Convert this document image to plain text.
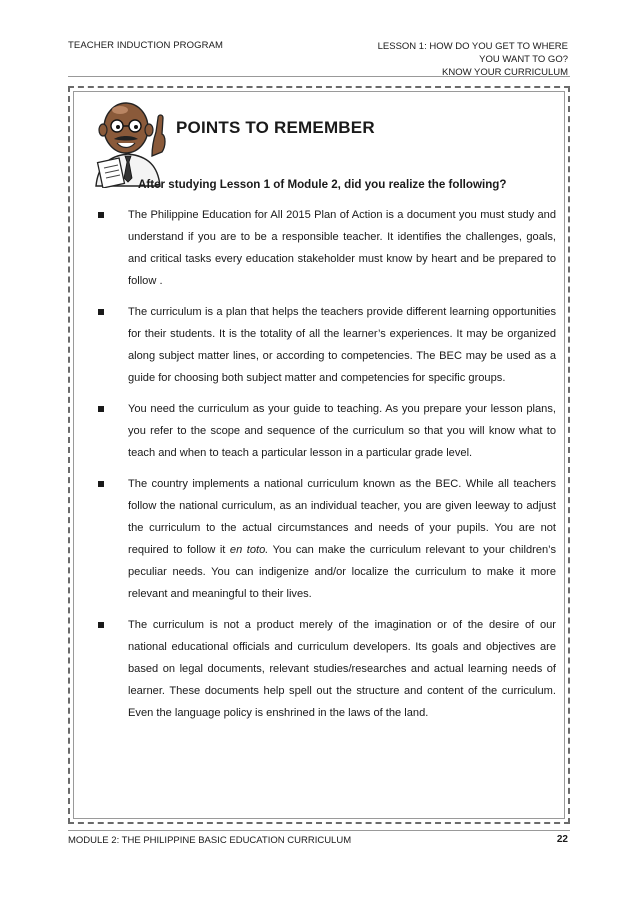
TEACHER INDUCTION PROGRAM	LESSON 1: HOW DO YOU GET TO WHERE
YOU WANT TO GO?
KNOW YOUR CURRICULUM
POINTS TO REMEMBER
After studying Lesson 1 of Module 2, did you realize the following?
The Philippine Education for All 2015 Plan of Action is a document you must study and understand if you are to be a responsible teacher. It identifies the challenges, goals, and critical tasks every education stakeholder must know by heart and be prepared to follow .
The curriculum is a plan that helps the teachers provide different learning opportunities for their students. It is the totality of all the learner’s experiences. It may be organized along subject matter lines, or according to competencies. The BEC may be used as a guide for choosing both subject matter and competencies for specific groups.
You need the curriculum as your guide to teaching. As you prepare your lesson plans, you refer to the scope and sequence of the curriculum so that you will know what to teach and when to teach a particular lesson in a particular grade level.
The country implements a national curriculum known as the BEC. While all teachers follow the national curriculum, as an individual teacher, you are given leeway to adjust the curriculum to the actual circumstances and needs of your pupils. You are not required to follow it en toto. You can make the curriculum relevant to your children’s peculiar needs. You can indigenize and/or localize the curriculum to make it more relevant and meaningful to their lives.
The curriculum is not a product merely of the imagination or of the desire of our national educational officials and curriculum developers. Its goals and objectives are based on legal documents, relevant studies/researches and actual learning needs of learner. These documents help spell out the structure and content of the curriculum. Even the language policy is enshrined in the laws of the land.
MODULE 2: THE PHILIPPINE BASIC EDUCATION CURRICULUM	22
